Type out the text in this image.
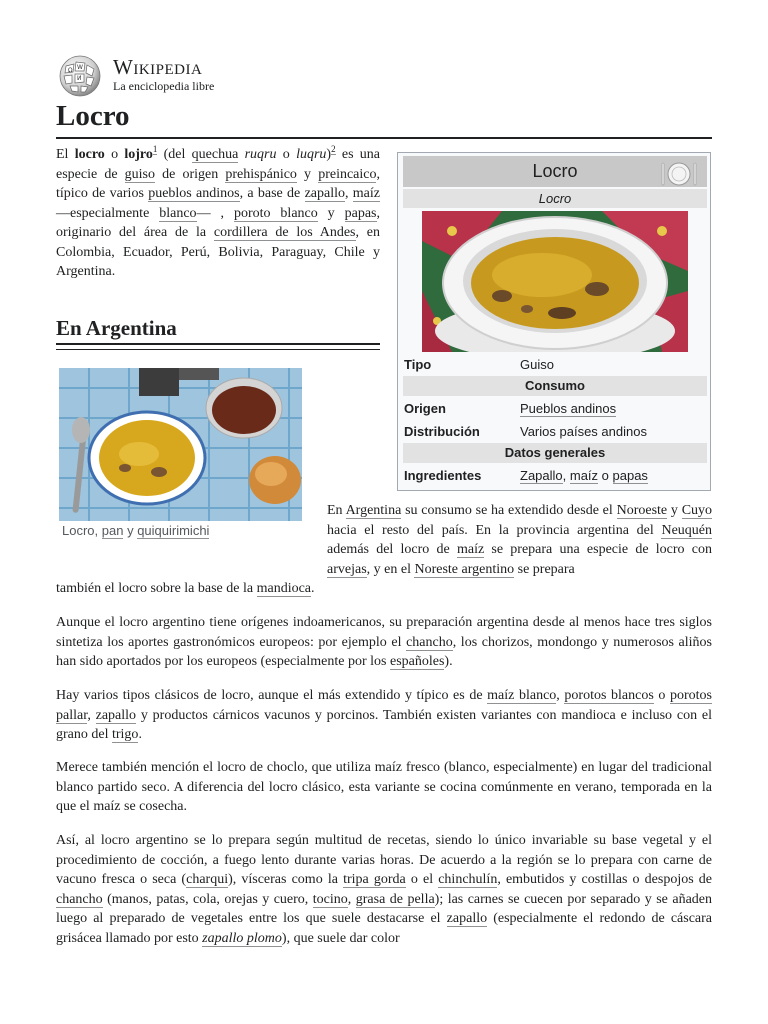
Ω W
И Wikipedia
La enciclopedia libre
Locro

El locro o lojro$^1$ (del quechua ruqru o luqru)$^2$ es una especie de guiso de origen prehispánico y preincaico, típico de varios pueblos andinos, a base de zapallo, maíz —especialmente blanco— , poroto blanco y papas, originario del área de la cordillera de los Andes, en Colombia, Ecuador, Perú, Bolivia, Paraguay, Chile y Argentina.

Locro
Locro
Tipo	Guiso
Consumo
Origen	Pueblos andinos
Distribución	Varios países andinos
Datos generales
Ingredientes	Zapallo, maíz o papas
En Argentina
Locro, pan y quiquirimichi

En Argentina su consumo se ha extendido desde el Noroeste y Cuyo hacia el resto del país. En la provincia argentina del Neuquén además del locro de maíz se prepara una especie de locro con arvejas, y en el Noreste argentino se prepara

también el locro sobre la base de la mandioca.

Aunque el locro argentino tiene orígenes indoamericanos, su preparación argentina desde al menos hace tres siglos sintetiza los aportes gastronómicos europeos: por ejemplo el chancho, los chorizos, mondongo y numerosos aliños han sido aportados por los europeos (especialmente por los españoles).

Hay varios tipos clásicos de locro, aunque el más extendido y típico es de maíz blanco, porotos blancos o porotos pallar, zapallo y productos cárnicos vacunos y porcinos. También existen variantes con mandioca e incluso con el grano del trigo.

Merece también mención el locro de choclo, que utiliza maíz fresco (blanco, especialmente) en lugar del tradicional blanco partido seco. A diferencia del locro clásico, esta variante se cocina comúnmente en verano, temporada en la que el maíz se cosecha.

Así, al locro argentino se lo prepara según multitud de recetas, siendo lo único invariable su base vegetal y el procedimiento de cocción, a fuego lento durante varias horas. De acuerdo a la región se lo prepara con carne de vacuno fresca o seca (charqui), vísceras como la tripa gorda o el chinchulín, embutidos y costillas o despojos de chancho (manos, patas, cola, orejas y cuero, tocino, grasa de pella); las carnes se cuecen por separado y se añaden luego al preparado de vegetales entre los que suele destacarse el zapallo (especialmente el redondo de cáscara grisácea llamado por esto zapallo plomo), que suele dar color
